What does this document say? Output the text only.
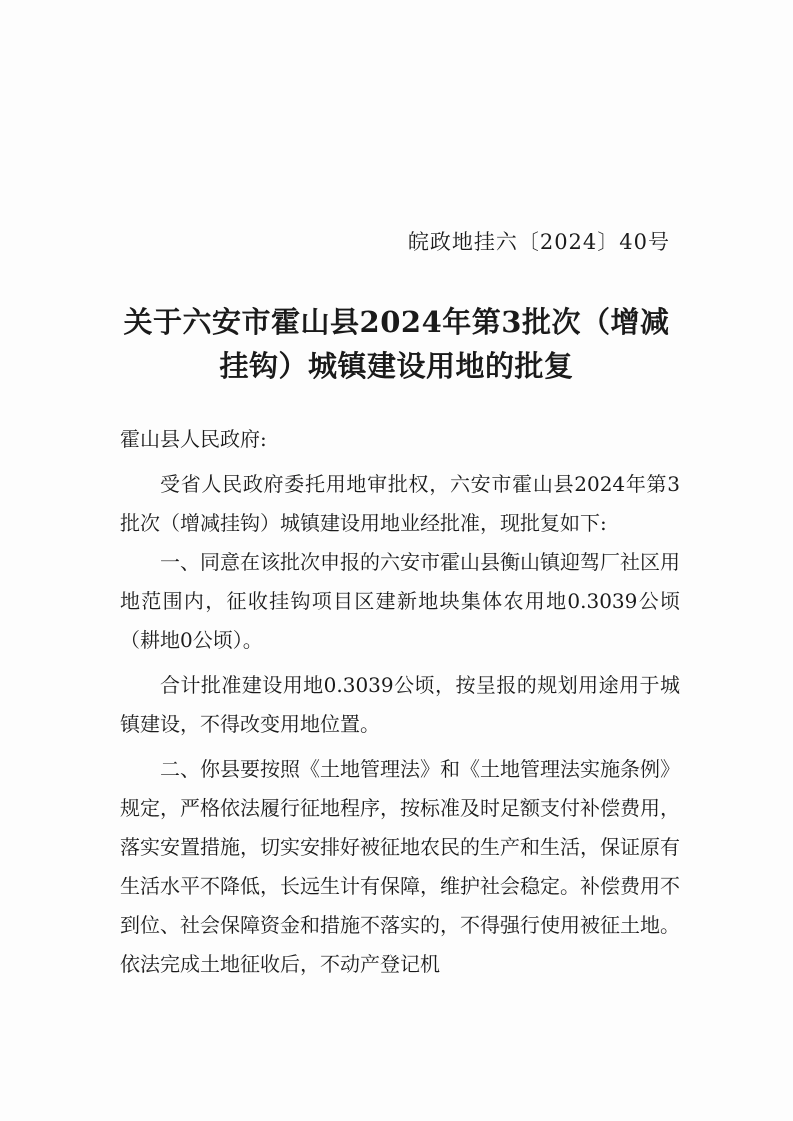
皖政地挂六〔2024〕40号
关于六安市霍山县2024年第3批次（增减
挂钩）城镇建设用地的批复

霍山县人民政府:

受省人民政府委托用地审批权，六安市霍山县2024年第3批次（增减挂钩）城镇建设用地业经批准，现批复如下:

一、同意在该批次申报的六安市霍山县衡山镇迎驾厂社区用地范围内，征收挂钩项目区建新地块集体农用地0.3039公顷（耕地0公顷）。

合计批准建设用地0.3039公顷，按呈报的规划用途用于城镇建设，不得改变用地位置。

二、你县要按照《土地管理法》和《土地管理法实施条例》规定，严格依法履行征地程序，按标准及时足额支付补偿费用，落实安置措施，切实安排好被征地农民的生产和生活，保证原有生活水平不降低，长远生计有保障，维护社会稳定。补偿费用不到位、社会保障资金和措施不落实的，不得强行使用被征土地。依法完成土地征收后，不动产登记机
